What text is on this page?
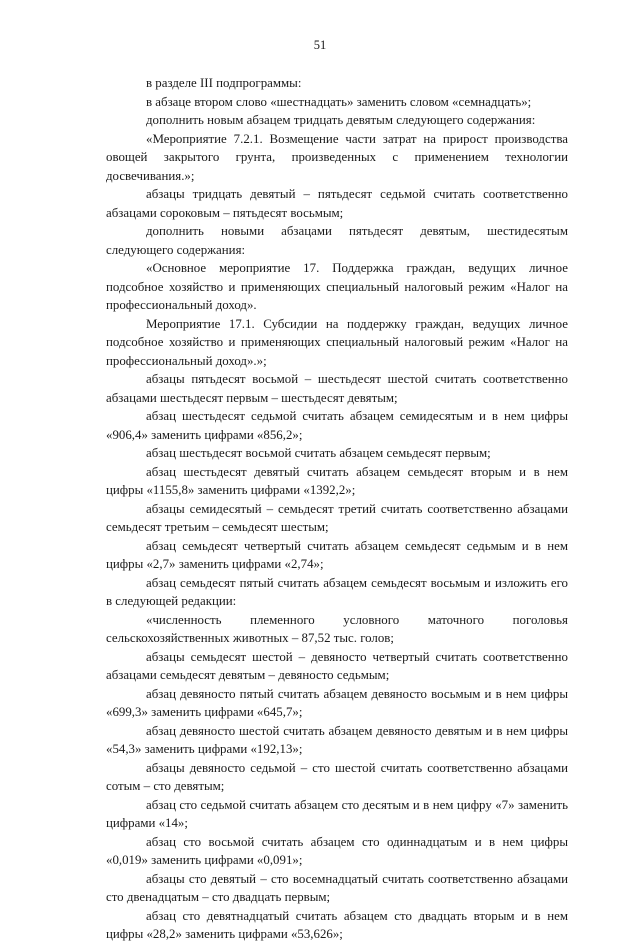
51

в разделе III подпрограммы:

в абзаце втором слово «шестнадцать» заменить словом «семнадцать»;

дополнить новым абзацем тридцать девятым следующего содержания:

«Мероприятие 7.2.1. Возмещение части затрат на прирост производства овощей закрытого грунта, произведенных с применением технологии досвечивания.»;

абзацы тридцать девятый – пятьдесят седьмой считать соответственно абзацами сороковым – пятьдесят восьмым;

дополнить новыми абзацами пятьдесят девятым, шестидесятым следующего содержания:

«Основное мероприятие 17. Поддержка граждан, ведущих личное подсобное хозяйство и применяющих специальный налоговый режим «Налог на профессиональный доход».

Мероприятие 17.1. Субсидии на поддержку граждан, ведущих личное подсобное хозяйство и применяющих специальный налоговый режим «Налог на профессиональный доход».»;

абзацы пятьдесят восьмой – шестьдесят шестой считать соответственно абзацами шестьдесят первым – шестьдесят девятым;

абзац шестьдесят седьмой считать абзацем семидесятым и в нем цифры «906,4» заменить цифрами «856,2»;

абзац шестьдесят восьмой считать абзацем семьдесят первым;

абзац шестьдесят девятый считать абзацем семьдесят вторым и в нем цифры «1155,8» заменить цифрами «1392,2»;

абзацы семидесятый – семьдесят третий считать соответственно абзацами семьдесят третьим – семьдесят шестым;

абзац семьдесят четвертый считать абзацем семьдесят седьмым и в нем цифры «2,7» заменить цифрами «2,74»;

абзац семьдесят пятый считать абзацем семьдесят восьмым и изложить его в следующей редакции:

«численность племенного условного маточного поголовья сельскохозяйственных животных – 87,52 тыс. голов;

абзацы семьдесят шестой – девяносто четвертый считать соответственно абзацами семьдесят девятым – девяносто седьмым;

абзац девяносто пятый считать абзацем девяносто восьмым и в нем цифры «699,3» заменить цифрами «645,7»;

абзац девяносто шестой считать абзацем девяносто девятым и в нем цифры «54,3» заменить цифрами «192,13»;

абзацы девяносто седьмой – сто шестой считать соответственно абзацами сотым – сто девятым;

абзац сто седьмой считать абзацем сто десятым и в нем цифру «7» заменить цифрами «14»;

абзац сто восьмой считать абзацем сто одиннадцатым и в нем цифры «0,019» заменить цифрами «0,091»;

абзацы сто девятый – сто восемнадцатый считать соответственно абзацами сто двенадцатым – сто двадцать первым;

абзац сто девятнадцатый считать абзацем сто двадцать вторым и в нем цифры «28,2» заменить цифрами «53,626»;
